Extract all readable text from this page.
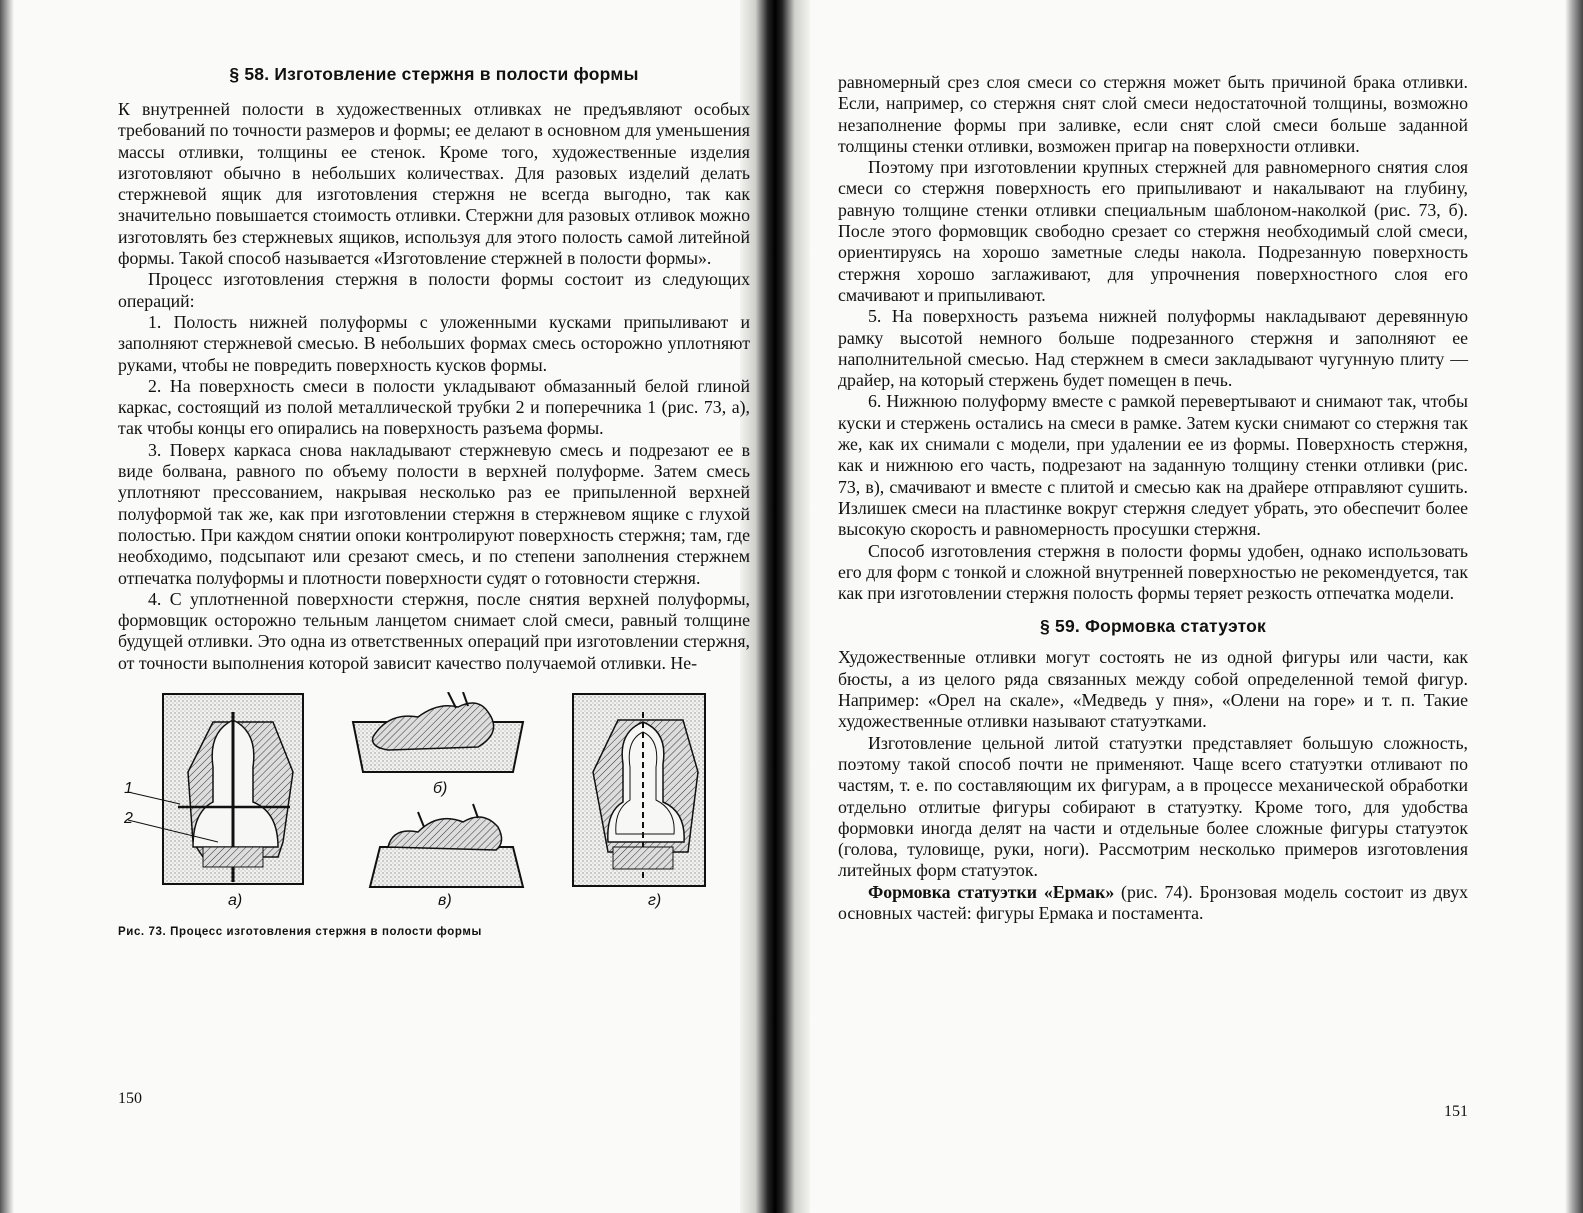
§ 58. Изготовление стержня в полости формы

К внутренней полости в художественных отливках не предъявляют особых требований по точности размеров и формы; ее делают в основном для уменьшения массы отливки, толщины ее стенок. Кроме того, художественные изделия изготовляют обычно в небольших количествах. Для разовых изделий делать стержневой ящик для изготовления стержня не всегда выгодно, так как значительно повышается стоимость отливки. Стержни для разовых отливок можно изготовлять без стержневых ящиков, используя для этого полость самой литейной формы. Такой способ называется «Изготовление стержней в полости формы».

Процесс изготовления стержня в полости формы состоит из следующих операций:

1. Полость нижней полуформы с уложенными кусками припыливают и заполняют стержневой смесью. В небольших формах смесь осторожно уплотняют руками, чтобы не повредить поверхность кусков формы.

2. На поверхность смеси в полости укладывают обмазанный белой глиной каркас, состоящий из полой металлической трубки 2 и поперечника 1 (рис. 73, а), так чтобы концы его опирались на поверхность разъема формы.

3. Поверх каркаса снова накладывают стержневую смесь и подрезают ее в виде болвана, равного по объему полости в верхней полуформе. Затем смесь уплотняют прессованием, накрывая несколько раз ее припыленной верхней полуформой так же, как при изготовлении стержня в стержневом ящике с глухой полостью. При каждом снятии опоки контролируют поверхность стержня; там, где необходимо, подсыпают или срезают смесь, и по степени заполнения стержнем отпечатка полуформы и плотности поверхности судят о готовности стержня.

4. С уплотненной поверхности стержня, после снятия верхней полуформы, формовщик осторожно тельным ланцетом снимает слой смеси, равный толщине будущей отливки. Это одна из ответственных операций при изготовлении стержня, от точности выполнения которой зависит качество получаемой отливки. Не-

1
2
а)
б)
в)	г)
Рис. 73. Процесс изготовления стержня в полости формы
150

равномерный срез слоя смеси со стержня может быть причиной брака отливки. Если, например, со стержня снят слой смеси недостаточной толщины, возможно незаполнение формы при заливке, если снят слой смеси больше заданной толщины стенки отливки, возможен пригар на поверхности отливки.

Поэтому при изготовлении крупных стержней для равномерного снятия слоя смеси со стержня поверхность его припыливают и накалывают на глубину, равную толщине стенки отливки специальным шаблоном-наколкой (рис. 73, б). После этого формовщик свободно срезает со стержня необходимый слой смеси, ориентируясь на хорошо заметные следы накола. Подрезанную поверхность стержня хорошо заглаживают, для упрочнения поверхностного слоя его смачивают и припыливают.

5. На поверхность разъема нижней полуформы накладывают деревянную рамку высотой немного больше подрезанного стержня и заполняют ее наполнительной смесью. Над стержнем в смеси закладывают чугунную плиту — драйер, на который стержень будет помещен в печь.

6. Нижнюю полуформу вместе с рамкой перевертывают и снимают так, чтобы куски и стержень остались на смеси в рамке. Затем куски снимают со стержня так же, как их снимали с модели, при удалении ее из формы. Поверхность стержня, как и нижнюю его часть, подрезают на заданную толщину стенки отливки (рис. 73, в), смачивают и вместе с плитой и смесью как на драйере отправляют сушить. Излишек смеси на пластинке вокруг стержня следует убрать, это обеспечит более высокую скорость и равномерность просушки стержня.

Способ изготовления стержня в полости формы удобен, однако использовать его для форм с тонкой и сложной внутренней поверхностью не рекомендуется, так как при изготовлении стержня полость формы теряет резкость отпечатка модели.

§ 59. Формовка статуэток

Художественные отливки могут состоять не из одной фигуры или части, как бюсты, а из целого ряда связанных между собой определенной темой фигур. Например: «Орел на скале», «Медведь у пня», «Олени на горе» и т. п. Такие художественные отливки называют статуэтками.

Изготовление цельной литой статуэтки представляет большую сложность, поэтому такой способ почти не применяют. Чаще всего статуэтки отливают по частям, т. е. по составляющим их фигурам, а в процессе механической обработки отдельно отлитые фигуры собирают в статуэтку. Кроме того, для удобства формовки иногда делят на части и отдельные более сложные фигуры статуэток (голова, туловище, руки, ноги). Рассмотрим несколько примеров изготовления литейных форм статуэток.

Формовка статуэтки «Ермак» (рис. 74). Бронзовая модель состоит из двух основных частей: фигуры Ермака и постамента.

151
